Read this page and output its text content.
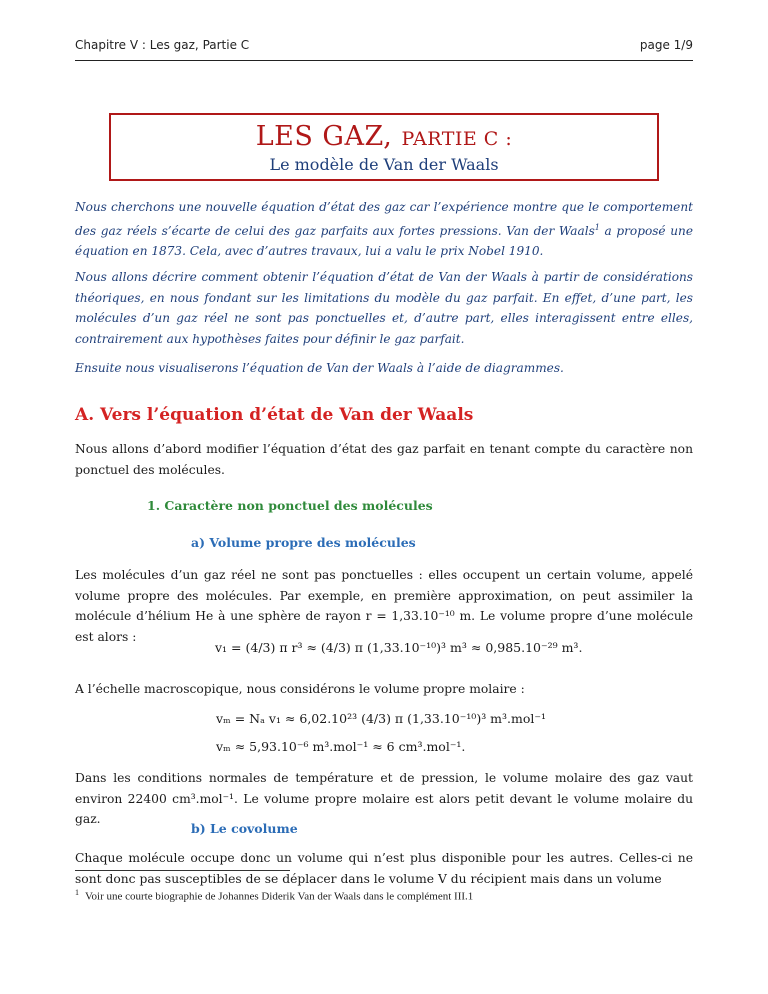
Chapitre V : Les gaz, Partie C	page 1/9
LES GAZ, PARTIE C :
Le modèle de Van der Waals
Nous cherchons une nouvelle équation d’état des gaz car l’expérience montre que le comportement des gaz réels s’écarte de celui des gaz parfaits aux fortes pressions. Van der Waals$^1$ a proposé une équation en 1873. Cela, avec d’autres travaux, lui a valu le prix Nobel 1910.
Nous allons décrire comment obtenir l’équation d’état de Van der Waals à partir de considérations théoriques, en nous fondant sur les limitations du modèle du gaz parfait. En effet, d’une part, les molécules d’un gaz réel ne sont pas ponctuelles et, d’autre part, elles interagissent entre elles, contrairement aux hypothèses faites pour définir le gaz parfait.
Ensuite nous visualiserons l’équation de Van der Waals à l’aide de diagrammes.
A. Vers l’équation d’état de Van der Waals
Nous allons d’abord modifier l’équation d’état des gaz parfait en tenant compte du caractère non ponctuel des molécules.
1. Caractère non ponctuel des molécules
a) Volume propre des molécules
Les molécules d’un gaz réel ne sont pas ponctuelles : elles occupent un certain volume, appelé volume propre des molécules. Par exemple, en première approximation, on peut assimiler la molécule d’hélium He à une sphère de rayon r = 1,33.10⁻¹⁰ m. Le volume propre d’une molécule est alors :
v₁ = (4/3) π r³ ≈ (4/3) π (1,33.10⁻¹⁰)³ m³ ≈ 0,985.10⁻²⁹ m³.
A l’échelle macroscopique, nous considérons le volume propre molaire :
vₘ = Nₐ v₁ ≈ 6,02.10²³ (4/3) π (1,33.10⁻¹⁰)³ m³.mol⁻¹
vₘ ≈ 5,93.10⁻⁶ m³.mol⁻¹ ≈ 6 cm³.mol⁻¹.
Dans les conditions normales de température et de pression, le volume molaire des gaz vaut environ 22400 cm³.mol⁻¹. Le volume propre molaire est alors petit devant le volume molaire du gaz.
b) Le covolume
Chaque molécule occupe donc un volume qui n’est plus disponible pour les autres. Celles-ci ne sont donc pas susceptibles de se déplacer dans le volume V du récipient mais dans un volume
$^1$ Voir une courte biographie de Johannes Diderik Van der Waals dans le complément III.1
